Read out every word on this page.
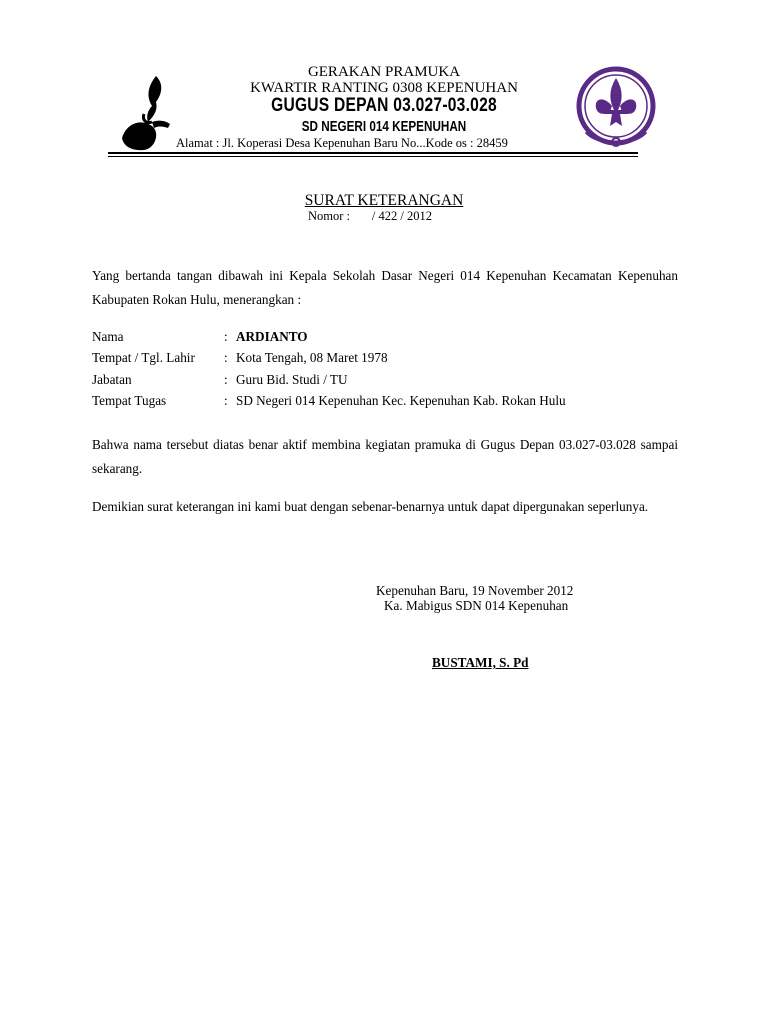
GERAKAN PRAMUKA
KWARTIR RANTING 0308 KEPENUHAN
GUGUS DEPAN 03.027-03.028
SD NEGERI 014 KEPENUHAN
Alamat : Jl. Koperasi Desa Kepenuhan Baru No...Kode os : 28459
SURAT KETERANGAN
Nomor :       / 422 / 2012
Yang bertanda tangan dibawah ini Kepala Sekolah Dasar Negeri 014 Kepenuhan Kecamatan Kepenuhan Kabupaten Rokan Hulu, menerangkan :
Nama	: ARDIANTO
Tempat / Tgl. Lahir : Kota Tengah, 08 Maret 1978
Jabatan	: Guru Bid. Studi / TU
Tempat Tugas	: SD Negeri 014 Kepenuhan Kec. Kepenuhan Kab. Rokan Hulu
Bahwa nama tersebut diatas benar aktif membina kegiatan pramuka di Gugus Depan 03.027-03.028 sampai sekarang.
Demikian surat keterangan ini kami buat dengan sebenar-benarnya untuk dapat dipergunakan seperlunya.
Kepenuhan Baru, 19 November 2012
Ka. Mabigus SDN 014 Kepenuhan
BUSTAMI, S. Pd
